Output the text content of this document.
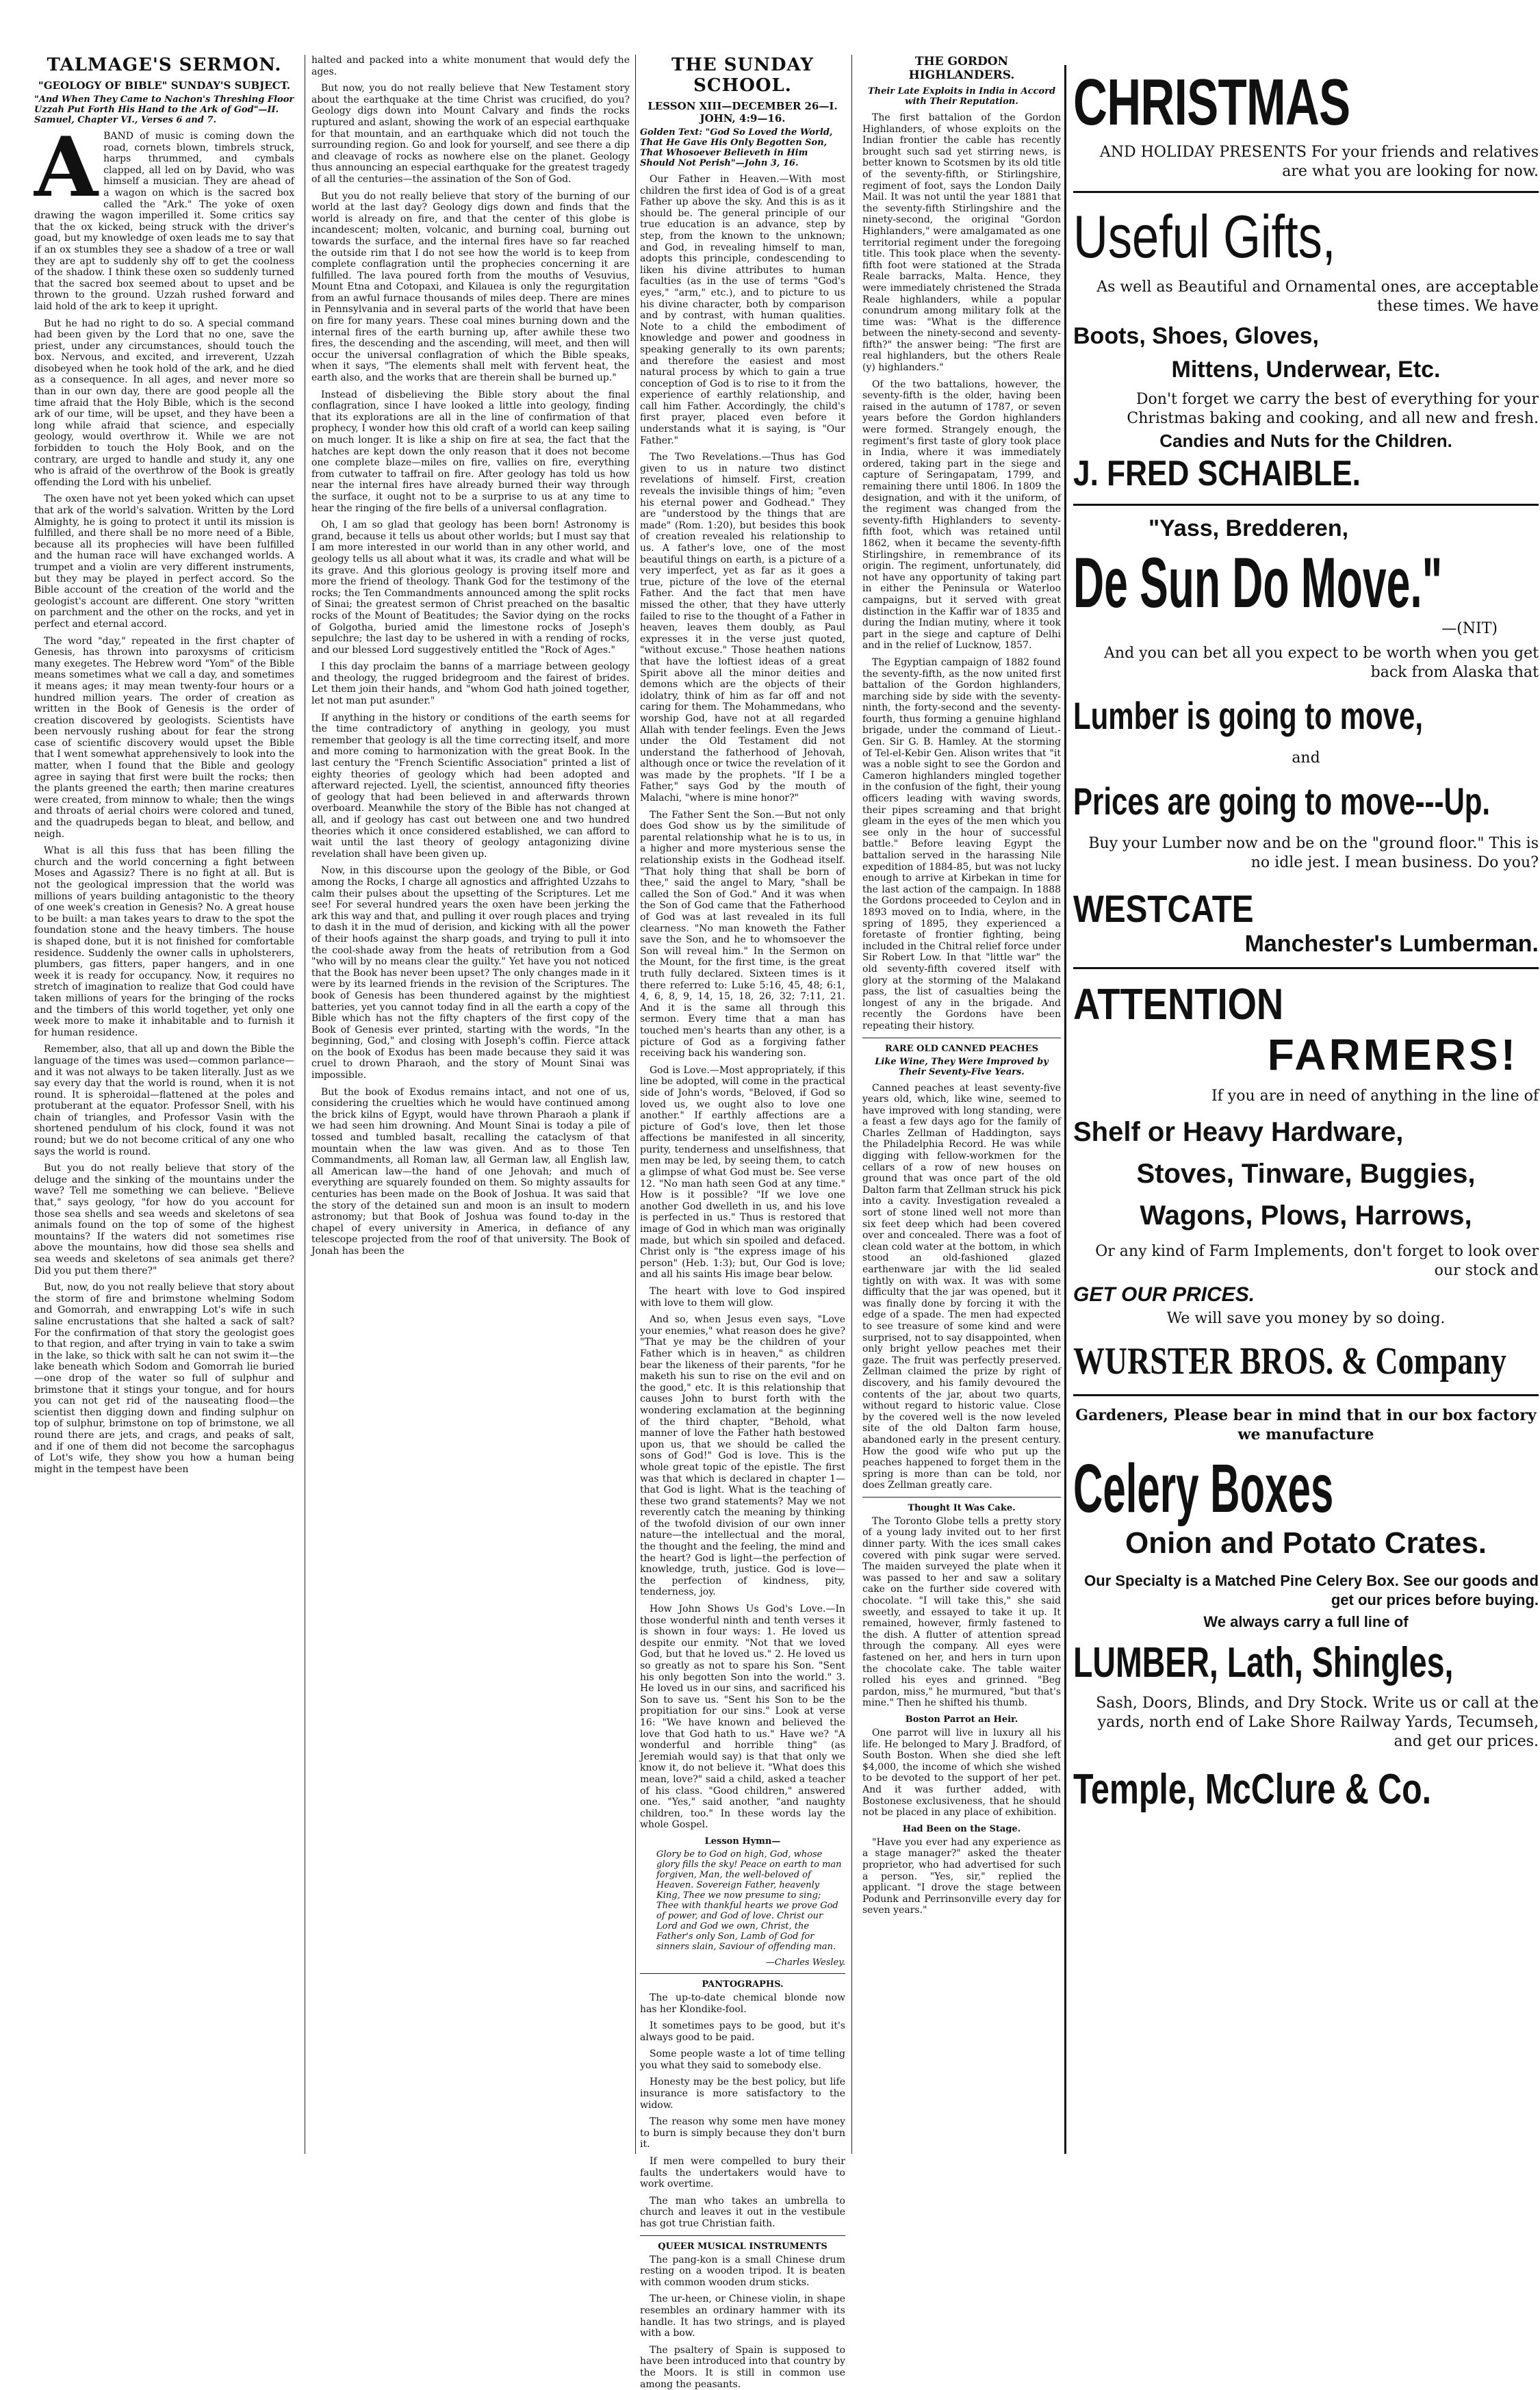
TALMAGE'S SERMON.
"GEOLOGY OF BIBLE" SUNDAY'S SUBJECT.
"And When They Came to Nachon's Threshing Floor Uzzah Put Forth His Hand to the Ark of God"—II. Samuel, Chapter VI., Verses 6 and 7.
A BAND of music is coming down the road, cornets blown, timbrels struck, harps thrummed, and cymbals clapped, all led on by David, who was himself a musician. They are ahead of a wagon on which is the sacred box called the "Ark." The yoke of oxen drawing the wagon imperilled it. Some critics say that the ox kicked, being struck with the driver's goad, but my knowledge of oxen leads me to say that if an ox stumbles they see a shadow of a tree or wall they are apt to suddenly shy off to get the coolness of the shadow. I think these oxen so suddenly turned that the sacred box seemed about to upset and be thrown to the ground. Uzzah rushed forward and laid hold of the ark to keep it upright.

But he had no right to do so. A special command had been given by the Lord that no one, save the priest, under any circumstances, should touch the box. Nervous, and excited, and irreverent, Uzzah disobeyed when he took hold of the ark, and he died as a consequence. In all ages, and never more so than in our own day, there are good people all the time afraid that the Holy Bible, which is the second ark of our time, will be upset, and they have been a long while afraid that science, and especially geology, would overthrow it. While we are not forbidden to touch the Holy Book, and on the contrary, are urged to handle and study it, any one who is afraid of the overthrow of the Book is greatly offending the Lord with his unbelief.

The oxen have not yet been yoked which can upset that ark of the world's salvation. Written by the Lord Almighty, he is going to protect it until its mission is fulfilled, and there shall be no more need of a Bible, because all its prophecies will have been fulfilled and the human race will have exchanged worlds. A trumpet and a violin are very different instruments, but they may be played in perfect accord. So the Bible account of the creation of the world and the geologist's account are different. One story "written on parchment and the other on the rocks, and yet in perfect and eternal accord.

The word "day," repeated in the first chapter of Genesis, has thrown into paroxysms of criticism many exegetes. The Hebrew word "Yom" of the Bible means sometimes what we call a day, and sometimes it means ages; it may mean twenty-four hours or a hundred million years. The order of creation as written in the Book of Genesis is the order of creation discovered by geologists. Scientists have been nervously rushing about for fear the strong case of scientific discovery would upset the Bible that I went somewhat apprehensively to look into the matter, when I found that the Bible and geology agree in saying that first were built the rocks; then the plants greened the earth; then marine creatures were created, from minnow to whale; then the wings and throats of aerial choirs were colored and tuned, and the quadrupeds began to bleat, and bellow, and neigh.

What is all this fuss that has been filling the church and the world concerning a fight between Moses and Agassiz? There is no fight at all. But is not the geological impression that the world was millions of years building antagonistic to the theory of one week's creation in Genesis? No. A great house to be built: a man takes years to draw to the spot the foundation stone and the heavy timbers. The house is shaped done, but it is not finished for comfortable residence. Suddenly the owner calls in upholsterers, plumbers, gas fitters, paper hangers, and in one week it is ready for occupancy. Now, it requires no stretch of imagination to realize that God could have taken millions of years for the bringing of the rocks and the timbers of this world together, yet only one week more to make it inhabitable and to furnish it for human residence.

Remember, also, that all up and down the Bible the language of the times was used—common parlance—and it was not always to be taken literally. Just as we say every day that the world is round, when it is not round. It is spheroidal—flattened at the poles and protuberant at the equator. Professor Snell, with his chain of triangles, and Professor Vasin with the shortened pendulum of his clock, found it was not round; but we do not become critical of any one who says the world is round.

But you do not really believe that story of the deluge and the sinking of the mountains under the wave? Tell me something we can believe. "Believe that," says geology, "for how do you account for those sea shells and sea weeds and skeletons of sea animals found on the top of some of the highest mountains? If the waters did not sometimes rise above the mountains, how did those sea shells and sea weeds and skeletons of sea animals get there? Did you put them there?"

But, now, do you not really believe that story about the storm of fire and brimstone whelming Sodom and Gomorrah, and enwrapping Lot's wife in such saline encrustations that she halted a sack of salt? For the confirmation of that story the geologist goes to that region, and after trying in vain to take a swim in the lake, so thick with salt he can not swim it—the lake beneath which Sodom and Gomorrah lie buried—one drop of the water so full of sulphur and brimstone that it stings your tongue, and for hours you can not get rid of the nauseating flood—the scientist then digging down and finding sulphur on top of sulphur, brimstone on top of brimstone, we all round there are jets, and crags, and peaks of salt, and if one of them did not become the sarcophagus of Lot's wife, they show you how a human being might in the tempest have been

halted and packed into a white monument that would defy the ages.

But now, you do not really believe that New Testament story about the earthquake at the time Christ was crucified, do you? Geology digs down into Mount Calvary and finds the rocks ruptured and aslant, showing the work of an especial earthquake for that mountain, and an earthquake which did not touch the surrounding region. Go and look for yourself, and see there a dip and cleavage of rocks as nowhere else on the planet. Geology thus announcing an especial earthquake for the greatest tragedy of all the centuries—the assination of the Son of God.

But you do not really believe that story of the burning of our world at the last day? Geology digs down and finds that the world is already on fire, and that the center of this globe is incandescent; molten, volcanic, and burning coal, burning out towards the surface, and the internal fires have so far reached the outside rim that I do not see how the world is to keep from complete conflagration until the prophecies concerning it are fulfilled. The lava poured forth from the mouths of Vesuvius, Mount Etna and Cotopaxi, and Kilauea is only the regurgitation from an awful furnace thousands of miles deep. There are mines in Pennsylvania and in several parts of the world that have been on fire for many years. These coal mines burning down and the internal fires of the earth burning up, after awhile these two fires, the descending and the ascending, will meet, and then will occur the universal conflagration of which the Bible speaks, when it says, "The elements shall melt with fervent heat, the earth also, and the works that are therein shall be burned up."

Instead of disbelieving the Bible story about the final conflagration, since I have looked a little into geology, finding that its explorations are all in the line of confirmation of that prophecy, I wonder how this old craft of a world can keep sailing on much longer. It is like a ship on fire at sea, the fact that the hatches are kept down the only reason that it does not become one complete blaze—miles on fire, vallies on fire, everything from cutwater to taffrail on fire. After geology has told us how near the internal fires have already burned their way through the surface, it ought not to be a surprise to us at any time to hear the ringing of the fire bells of a universal conflagration.

Oh, I am so glad that geology has been born! Astronomy is grand, because it tells us about other worlds; but I must say that I am more interested in our world than in any other world, and geology tells us all about what it was, its cradle and what will be its grave. And this glorious geology is proving itself more and more the friend of theology. Thank God for the testimony of the rocks; the Ten Commandments announced among the split rocks of Sinai; the greatest sermon of Christ preached on the basaltic rocks of the Mount of Beatitudes; the Savior dying on the rocks of Golgotha, buried amid the limestone rocks of Joseph's sepulchre; the last day to be ushered in with a rending of rocks, and our blessed Lord suggestively entitled the "Rock of Ages."

I this day proclaim the banns of a marriage between geology and theology, the rugged bridegroom and the fairest of brides. Let them join their hands, and "whom God hath joined together, let not man put asunder."

If anything in the history or conditions of the earth seems for the time contradictory of anything in geology, you must remember that geology is all the time correcting itself, and more and more coming to harmonization with the great Book. In the last century the "French Scientific Association" printed a list of eighty theories of geology which had been adopted and afterward rejected. Lyell, the scientist, announced fifty theories of geology that had been believed in and afterwards thrown overboard. Meanwhile the story of the Bible has not changed at all, and if geology has cast out between one and two hundred theories which it once considered established, we can afford to wait until the last theory of geology antagonizing divine revelation shall have been given up.

Now, in this discourse upon the geology of the Bible, or God among the Rocks, I charge all agnostics and affrighted Uzzahs to calm their pulses about the upsetting of the Scriptures. Let me see! For several hundred years the oxen have been jerking the ark this way and that, and pulling it over rough places and trying to dash it in the mud of derision, and kicking with all the power of their hoofs against the sharp goads, and trying to pull it into the cool-shade away from the heats of retribution from a God "who will by no means clear the guilty." Yet have you not noticed that the Book has never been upset? The only changes made in it were by its learned friends in the revision of the Scriptures. The book of Genesis has been thundered against by the mightiest batteries, yet you cannot today find in all the earth a copy of the Bible which has not the fifty chapters of the first copy of the Book of Genesis ever printed, starting with the words, "In the beginning, God," and closing with Joseph's coffin. Fierce attack on the book of Exodus has been made because they said it was cruel to drown Pharaoh, and the story of Mount Sinai was impossible.

But the book of Exodus remains intact, and not one of us, considering the cruelties which he would have continued among the brick kilns of Egypt, would have thrown Pharaoh a plank if we had seen him drowning. And Mount Sinai is today a pile of tossed and tumbled basalt, recalling the cataclysm of that mountain when the law was given. And as to those Ten Commandments, all Roman law, all German law, all English law, all American law—the hand of one Jehovah; and much of everything are squarely founded on them. So mighty assaults for centuries has been made on the Book of Joshua. It was said that the story of the detained sun and moon is an insult to modern astronomy; but that Book of Joshua was found to-day in the chapel of every university in America, in defiance of any telescope projected from the roof of that university. The Book of Jonah has been the

THE SUNDAY SCHOOL.
LESSON XIII—DECEMBER 26—I. JOHN, 4:9—16.
Golden Text: "God So Loved the World, That He Gave His Only Begotten Son, That Whosoever Believeth in Him Should Not Perish"—John 3, 16.

Our Father in Heaven.—With most children the first idea of God is of a great Father up above the sky. And this is as it should be. The general principle of our true education is an advance, step by step, from the known to the unknown; and God, in revealing himself to man, adopts this principle, condescending to liken his divine attributes to human faculties (as in the use of terms "God's eyes," "arm," etc.), and to picture to us his divine character, both by comparison and by contrast, with human qualities. Note to a child the embodiment of knowledge and power and goodness in speaking generally to its own parents; and therefore the easiest and most natural process by which to gain a true conception of God is to rise to it from the experience of earthly relationship, and call him Father. Accordingly, the child's first prayer, placed even before it understands what it is saying, is "Our Father."

The Two Revelations.—Thus has God given to us in nature two distinct revelations of himself. First, creation reveals the invisible things of him; "even his eternal power and Godhead." They are "understood by the things that are made" (Rom. 1:20), but besides this book of creation revealed his relationship to us. A father's love, one of the most beautiful things on earth, is a picture of a very imperfect, yet as far as it goes a true, picture of the love of the eternal Father. And the fact that men have missed the other, that they have utterly failed to rise to the thought of a Father in heaven, leaves them doubly, as Paul expresses it in the verse just quoted, "without excuse." Those heathen nations that have the loftiest ideas of a great Spirit above all the minor deities and demons which are the objects of their idolatry, think of him as far off and not caring for them. The Mohammedans, who worship God, have not at all regarded Allah with tender feelings. Even the Jews under the Old Testament did not understand the fatherhood of Jehovah, although once or twice the revelation of it was made by the prophets. "If I be a Father," says God by the mouth of Malachi, "where is mine honor?"

The Father Sent the Son.—But not only does God show us by the similitude of parental relationship what he is to us, in a higher and more mysterious sense the relationship exists in the Godhead itself. "That holy thing that shall be born of thee," said the angel to Mary, "shall be called the Son of God." And it was when the Son of God came that the Fatherhood of God was at last revealed in its full clearness. "No man knoweth the Father save the Son, and he to whomsoever the Son will reveal him." In the Sermon on the Mount, for the first time, is the great truth fully declared. Sixteen times is it there referred to: Luke 5:16, 45, 48; 6:1, 4, 6, 8, 9, 14, 15, 18, 26, 32; 7:11, 21. And it is the same all through this sermon. Every time that a man has touched men's hearts than any other, is a picture of God as a forgiving father receiving back his wandering son.

God is Love.—Most appropriately, if this line be adopted, will come in the practical side of John's words, "Beloved, if God so loved us, we ought also to love one another." If earthly affections are a picture of God's love, then let those affections be manifested in all sincerity, purity, tenderness and unselfishness, that men may be led, by seeing them, to catch a glimpse of what God must be. See verse 12. "No man hath seen God at any time." How is it possible? "If we love one another God dwelleth in us, and his love is perfected in us." Thus is restored that image of God in which man was originally made, but which sin spoiled and defaced. Christ only is "the express image of his person" (Heb. 1:3); but, Our God is love; and all his saints His image bear below.

The heart with love to God inspired with love to them will glow.

And so, when Jesus even says, "Love your enemies," what reason does he give? "That ye may be the children of your Father which is in heaven," as children bear the likeness of their parents, "for he maketh his sun to rise on the evil and on the good," etc. It is this relationship that causes John to burst forth with the wondering exclamation at the beginning of the third chapter, "Behold, what manner of love the Father hath bestowed upon us, that we should be called the sons of God!" God is love. This is the whole great topic of the epistle. The first was that which is declared in chapter 1—that God is light. What is the teaching of these two grand statements? May we not reverently catch the meaning by thinking of the twofold division of our own inner nature—the intellectual and the moral, the thought and the feeling, the mind and the heart? God is light—the perfection of knowledge, truth, justice. God is love—the perfection of kindness, pity, tenderness, joy.

How John Shows Us God's Love.—In those wonderful ninth and tenth verses it is shown in four ways: 1. He loved us despite our enmity. "Not that we loved God, but that he loved us." 2. He loved us so greatly as not to spare his Son. "Sent his only begotten Son into the world." 3. He loved us in our sins, and sacrificed his Son to save us. "Sent his Son to be the propitiation for our sins." Look at verse 16: "We have known and believed the love that God hath to us." Have we? "A wonderful and horrible thing" (as Jeremiah would say) is that that only we know it, do not believe it. "What does this mean, love?" said a child, asked a teacher of his class. "Good children," answered one. "Yes," said another, "and naughty children, too." In these words lay the whole Gospel.

Lesson Hymn—
Glory be to God on high, God, whose glory fills the sky! Peace on earth to man forgiven, Man, the well-beloved of Heaven. Sovereign Father, heavenly King, Thee we now presume to sing; Thee with thankful hearts we prove God of power, and God of love. Christ our Lord and God we own, Christ, the Father's only Son, Lamb of God for sinners slain, Saviour of offending man.
—Charles Wesley.
PANTOGRAPHS.

The up-to-date chemical blonde now has her Klondike-fool.

It sometimes pays to be good, but it's always good to be paid.

Some people waste a lot of time telling you what they said to somebody else.

Honesty may be the best policy, but life insurance is more satisfactory to the widow.

The reason why some men have money to burn is simply because they don't burn it.

If men were compelled to bury their faults the undertakers would have to work overtime.

The man who takes an umbrella to church and leaves it out in the vestibule has got true Christian faith.

QUEER MUSICAL INSTRUMENTS

The pang-kon is a small Chinese drum resting on a wooden tripod. It is beaten with common wooden drum sticks.

The ur-heen, or Chinese violin, in shape resembles an ordinary hammer with its handle. It has two strings, and is played with a bow.

The psaltery of Spain is supposed to have been introduced into that country by the Moors. It is still in common use among the peasants.

THE GORDON HIGHLANDERS.
Their Late Exploits in India in Accord with Their Reputation.

The first battalion of the Gordon Highlanders, of whose exploits on the Indian frontier the cable has recently brought such sad yet stirring news, is better known to Scotsmen by its old title of the seventy-fifth, or Stirlingshire, regiment of foot, says the London Daily Mail. It was not until the year 1881 that the seventy-fifth Stirlingshire and the ninety-second, the original "Gordon Highlanders," were amalgamated as one territorial regiment under the foregoing title. This took place when the seventy-fifth foot were stationed at the Strada Reale barracks, Malta. Hence, they were immediately christened the Strada Reale highlanders, while a popular conundrum among military folk at the time was: "What is the difference between the ninety-second and seventy-fifth?" the answer being: "The first are real highlanders, but the others Reale (y) highlanders."

Of the two battalions, however, the seventy-fifth is the older, having been raised in the autumn of 1787, or seven years before the Gordon highlanders were formed. Strangely enough, the regiment's first taste of glory took place in India, where it was immediately ordered, taking part in the siege and capture of Seringapatam, 1799, and remaining there until 1806. In 1809 the designation, and with it the uniform, of the regiment was changed from the seventy-fifth Highlanders to seventy-fifth foot, which was retained until 1862, when it became the seventy-fifth Stirlingshire, in remembrance of its origin. The regiment, unfortunately, did not have any opportunity of taking part in either the Peninsula or Waterloo campaigns, but it served with great distinction in the Kaffir war of 1835 and during the Indian mutiny, where it took part in the siege and capture of Delhi and in the relief of Lucknow, 1857.

The Egyptian campaign of 1882 found the seventy-fifth, as the now united first battalion of the Gordon highlanders, marching side by side with the seventy-ninth, the forty-second and the seventy-fourth, thus forming a genuine highland brigade, under the command of Lieut.-Gen. Sir G. B. Hamley. At the storming of Tel-el-Kebir Gen. Alison writes that "it was a noble sight to see the Gordon and Cameron highlanders mingled together in the confusion of the fight, their young officers leading with waving swords, their pipes screaming and that bright gleam in the eyes of the men which you see only in the hour of successful battle." Before leaving Egypt the battalion served in the harassing Nile expedition of 1884-85, but was not lucky enough to arrive at Kirbekan in time for the last action of the campaign. In 1888 the Gordons proceeded to Ceylon and in 1893 moved on to India, where, in the spring of 1895, they experienced a foretaste of frontier fighting, being included in the Chitral relief force under Sir Robert Low. In that "little war" the old seventy-fifth covered itself with glory at the storming of the Malakand pass, the list of casualties being the longest of any in the brigade. And recently the Gordons have been repeating their history.

RARE OLD CANNED PEACHES
Like Wine, They Were Improved by Their Seventy-Five Years.

Canned peaches at least seventy-five years old, which, like wine, seemed to have improved with long standing, were a feast a few days ago for the family of Charles Zellman of Haddington, says the Philadelphia Record. He was while digging with fellow-workmen for the cellars of a row of new houses on ground that was once part of the old Dalton farm that Zellman struck his pick into a cavity. Investigation revealed a sort of stone lined well not more than six feet deep which had been covered over and concealed. There was a foot of clean cold water at the bottom, in which stood an old-fashioned glazed earthenware jar with the lid sealed tightly on with wax. It was with some difficulty that the jar was opened, but it was finally done by forcing it with the edge of a spade. The men had expected to see treasure of some kind and were surprised, not to say disappointed, when only bright yellow peaches met their gaze. The fruit was perfectly preserved. Zellman claimed the prize by right of discovery, and his family devoured the contents of the jar, about two quarts, without regard to historic value. Close by the covered well is the now leveled site of the old Dalton farm house, abandoned early in the present century. How the good wife who put up the peaches happened to forget them in the spring is more than can be told, nor does Zellman greatly care.

Thought It Was Cake.

The Toronto Globe tells a pretty story of a young lady invited out to her first dinner party. With the ices small cakes covered with pink sugar were served. The maiden surveyed the plate when it was passed to her and saw a solitary cake on the further side covered with chocolate. "I will take this," she said sweetly, and essayed to take it up. It remained, however, firmly fastened to the dish. A flutter of attention spread through the company. All eyes were fastened on her, and hers in turn upon the chocolate cake. The table waiter rolled his eyes and grinned. "Beg pardon, miss," he murmured, "but that's mine." Then he shifted his thumb.

Boston Parrot an Heir.

One parrot will live in luxury all his life. He belonged to Mary J. Bradford, of South Boston. When she died she left $4,000, the income of which she wished to be devoted to the support of her pet. And it was further added, with Bostonese exclusiveness, that he should not be placed in any place of exhibition.

Had Been on the Stage.

"Have you ever had any experience as a stage manager?" asked the theater proprietor, who had advertised for such a person. "Yes, sir," replied the applicant. "I drove the stage between Podunk and Perrinsonville every day for seven years."

CHRISTMAS
AND HOLIDAY PRESENTS For your friends and relatives are what you are looking for now.
Useful Gifts,
As well as Beautiful and Ornamental ones, are acceptable these times. We have
Boots, Shoes, Gloves,
Mittens, Underwear, Etc.
Don't forget we carry the best of everything for your Christmas baking and cooking, and all new and fresh.
Candies and Nuts for the Children.
J. FRED SCHAIBLE.
"Yass, Bredderen,
De Sun Do Move."
—(NIT)
And you can bet all you expect to be worth when you get back from Alaska that
Lumber is going to move,
and
Prices are going to move---Up.
Buy your Lumber now and be on the "ground floor." This is no idle jest. I mean business. Do you?
WESTCATE
Manchester's Lumberman.
ATTENTION
FARMERS!
If you are in need of anything in the line of
Shelf or Heavy Hardware,
Stoves, Tinware, Buggies,
Wagons, Plows, Harrows,
Or any kind of Farm Implements, don't forget to look over our stock and
GET OUR PRICES.
We will save you money by so doing.
WURSTER BROS. & Company
Gardeners, Please bear in mind that in our box factory we manufacture
Celery Boxes
Onion and Potato Crates.
Our Specialty is a Matched Pine Celery Box. See our goods and get our prices before buying.
We always carry a full line of
LUMBER, Lath, Shingles,
Sash, Doors, Blinds, and Dry Stock. Write us or call at the yards, north end of Lake Shore Railway Yards, Tecumseh, and get our prices.
Temple, McClure & Co.
